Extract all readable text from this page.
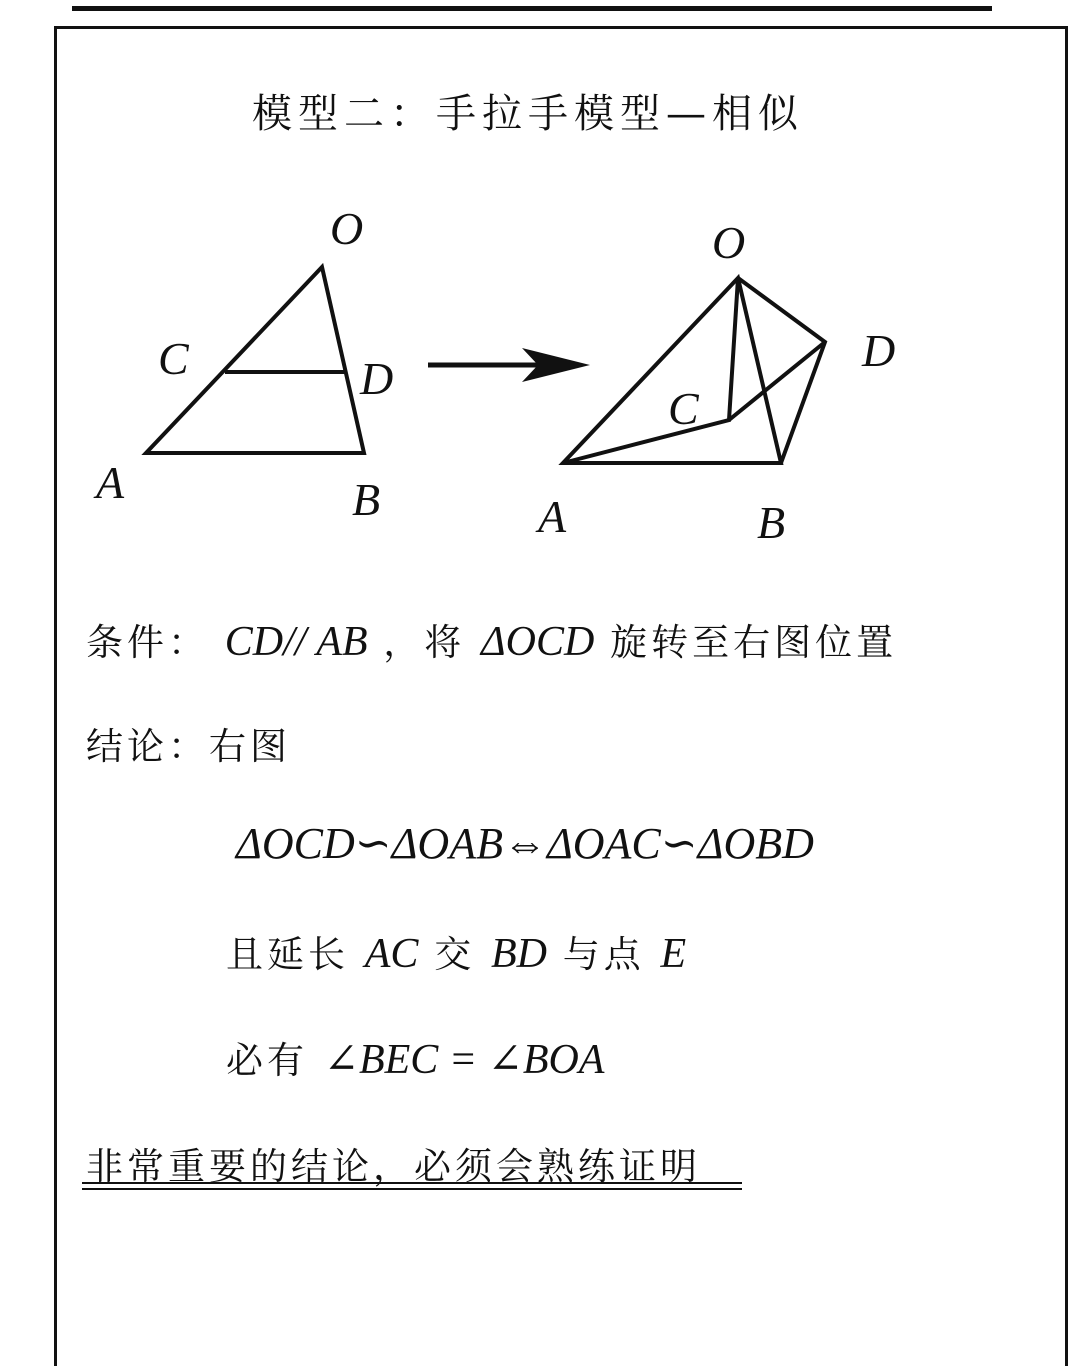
模型二：手拉手模型—相似
O
C	D
A	B
O
C
D
A	B
条件： CD// AB ，将 ΔOCD 旋转至右图位置
结论：右图
ΔOCD∽ΔOAB⇔ΔOAC∽ΔOBD
且延长 AC 交 BD 与点 E
必有 ∠BEC = ∠BOA
非常重要的结论，必须会熟练证明
